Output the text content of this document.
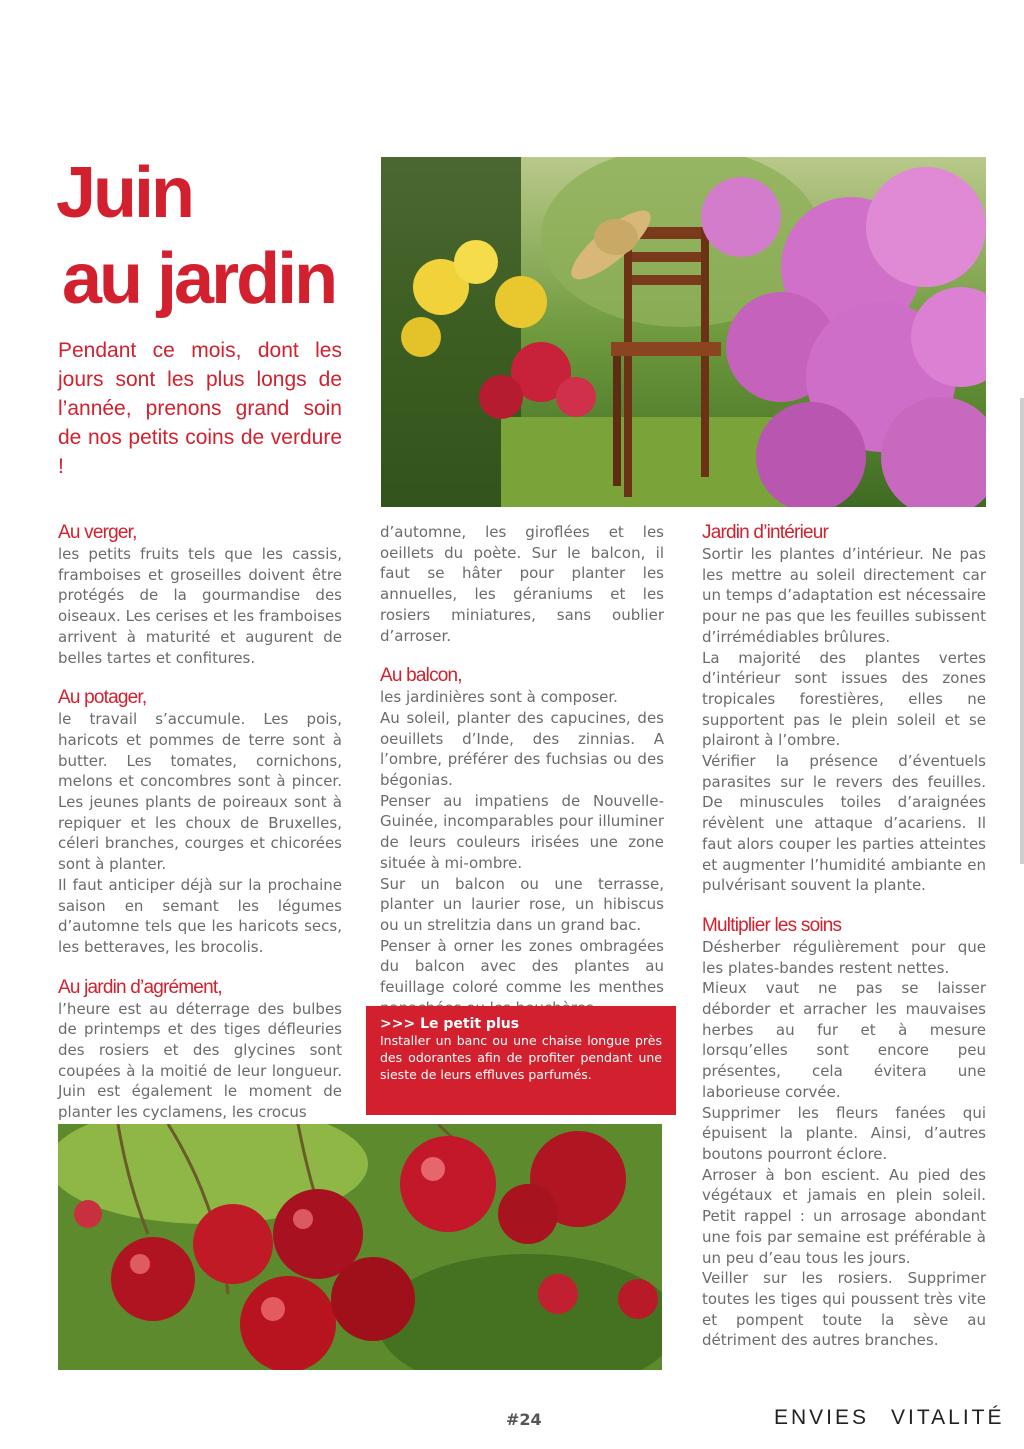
Juin
au jardin

Pendant ce mois, dont les jours sont les plus longs de l’année, prenons grand soin de nos petits coins de verdure !

Au verger,

les petits fruits tels que les cassis, framboises et groseilles doivent être protégés de la gourmandise des oiseaux. Les cerises et les framboises arrivent à maturité et augurent de belles tartes et confitures.

Au potager,

le travail s’accumule. Les pois, haricots et pommes de terre sont à butter. Les tomates, cornichons, melons et concombres sont à pincer. Les jeunes plants de poireaux sont à repiquer et les choux de Bruxelles, céleri branches, courges et chicorées sont à planter.

Il faut anticiper déjà sur la prochaine saison en semant les légumes d’automne tels que les haricots secs, les betteraves, les brocolis.

Au jardin d’agrément,

l’heure est au déterrage des bulbes de printemps et des tiges défleuries des rosiers et des glycines sont coupées à la moitié de leur longueur. Juin est également le moment de planter les cyclamens, les crocus

d’automne, les giroflées et les oeillets du poète. Sur le balcon, il faut se hâter pour planter les annuelles, les géraniums et les rosiers miniatures, sans oublier d’arroser.

Au balcon,

les jardinières sont à composer.

Au soleil, planter des capucines, des oeuillets d’Inde, des zinnias. A l’ombre, préférer des fuchsias ou des bégonias.

Penser au impatiens de Nouvelle-Guinée, incomparables pour illuminer de leurs couleurs irisées une zone située à mi-ombre.

Sur un balcon ou une terrasse, planter un laurier rose, un hibiscus ou un strelitzia dans un grand bac.

Penser à orner les zones ombragées du balcon avec des plantes au feuillage coloré comme les menthes

>>> Le petit plus
Installer un banc ou une chaise longue près des odorantes afin de profiter pendant une sieste de leurs effluves parfumés.
Jardin d’intérieur

Sortir les plantes d’intérieur. Ne pas les mettre au soleil directement car un temps d’adaptation est nécessaire pour ne pas que les feuilles subissent d’irrémédiables brûlures.

La majorité des plantes vertes d’intérieur sont issues des zones tropicales forestières, elles ne supportent pas le plein soleil et se plairont à l’ombre.

Vérifier la présence d’éventuels parasites sur le revers des feuilles. De minuscules toiles d’araignées révèlent une attaque d’acariens. Il faut alors couper les parties atteintes et augmenter l’humidité ambiante en pulvérisant souvent la plante.

Multiplier les soins

Désherber régulièrement pour que les plates-bandes restent nettes.

Mieux vaut ne pas se laisser déborder et arracher les mauvaises herbes au fur et à mesure lorsqu’elles sont encore peu présentes, cela évitera une laborieuse corvée.

Supprimer les fleurs fanées qui épuisent la plante. Ainsi, d’autres boutons pourront éclore.

Arroser à bon escient. Au pied des végétaux et jamais en plein soleil. Petit rappel : un arrosage abondant une fois par semaine est préférable à un peu d’eau tous les jours.

Veiller sur les rosiers. Supprimer toutes les tiges qui poussent très vite et pompent toute la sève au détriment des autres branches.

#24	ENVIES VITALITÉ
